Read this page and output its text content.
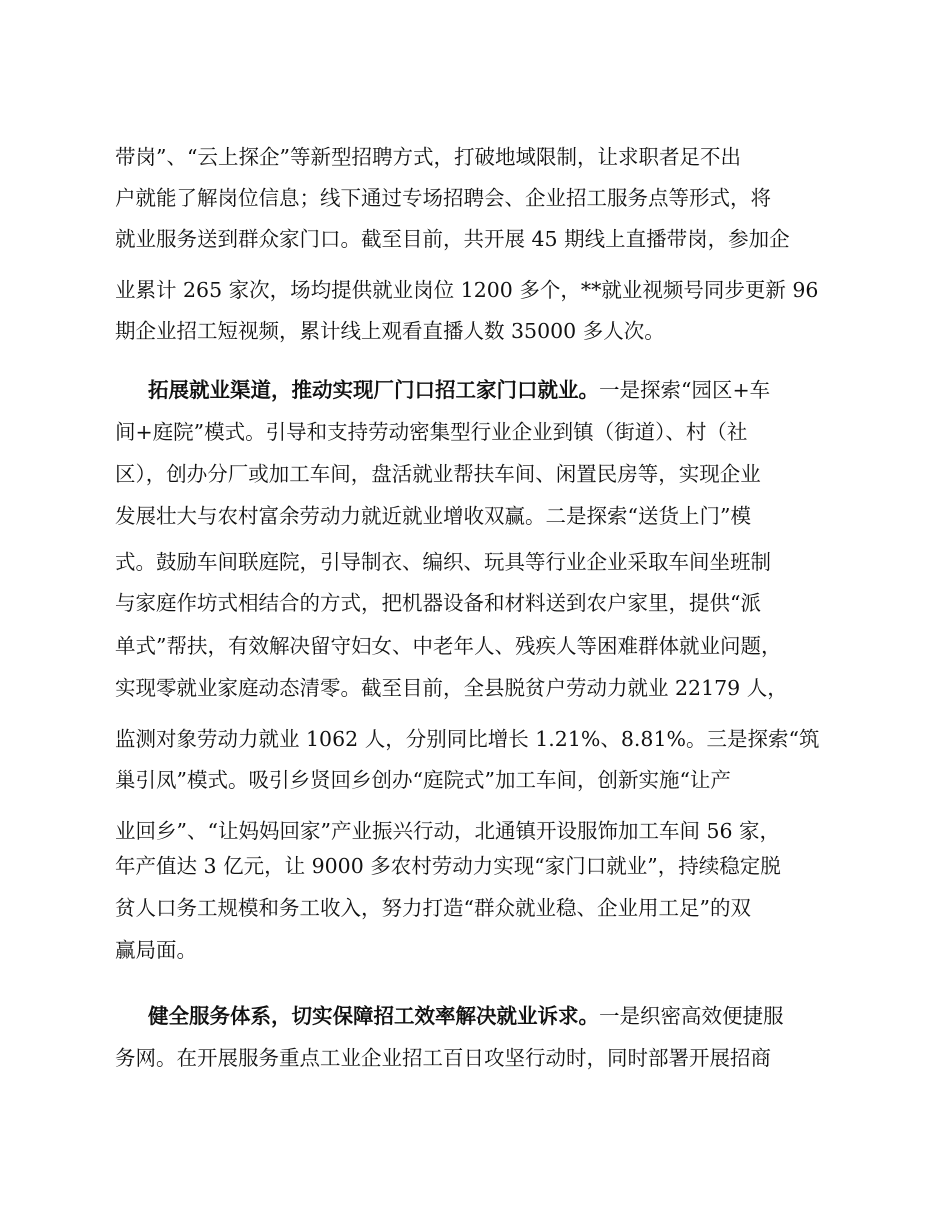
带岗”、“云上探企”等新型招聘方式，打破地域限制，让求职者足不出

户就能了解岗位信息；线下通过专场招聘会、企业招工服务点等形式，将

就业服务送到群众家门口。截至目前，共开展 45 期线上直播带岗，参加企

业累计 265 家次，场均提供就业岗位 1200 多个，**就业视频号同步更新 96

期企业招工短视频，累计线上观看直播人数 35000 多人次。

拓展就业渠道，推动实现厂门口招工家门口就业。一是探索“园区+车

间+庭院”模式。引导和支持劳动密集型行业企业到镇（街道）、村（社

区），创办分厂或加工车间，盘活就业帮扶车间、闲置民房等，实现企业

发展壮大与农村富余劳动力就近就业增收双赢。二是探索“送货上门”模

式。鼓励车间联庭院，引导制衣、编织、玩具等行业企业采取车间坐班制

与家庭作坊式相结合的方式，把机器设备和材料送到农户家里，提供“派

单式”帮扶，有效解决留守妇女、中老年人、残疾人等困难群体就业问题，

实现零就业家庭动态清零。截至目前，全县脱贫户劳动力就业 22179 人，

监测对象劳动力就业 1062 人，分别同比增长 1.21%、8.81%。三是探索“筑

巢引凤”模式。吸引乡贤回乡创办“庭院式”加工车间，创新实施“让产

业回乡”、“让妈妈回家”产业振兴行动，北通镇开设服饰加工车间 56 家，

年产值达 3 亿元，让 9000 多农村劳动力实现“家门口就业”，持续稳定脱

贫人口务工规模和务工收入，努力打造“群众就业稳、企业用工足”的双

赢局面。

健全服务体系，切实保障招工效率解决就业诉求。一是织密高效便捷服

务网。在开展服务重点工业企业招工百日攻坚行动时，同时部署开展招商
